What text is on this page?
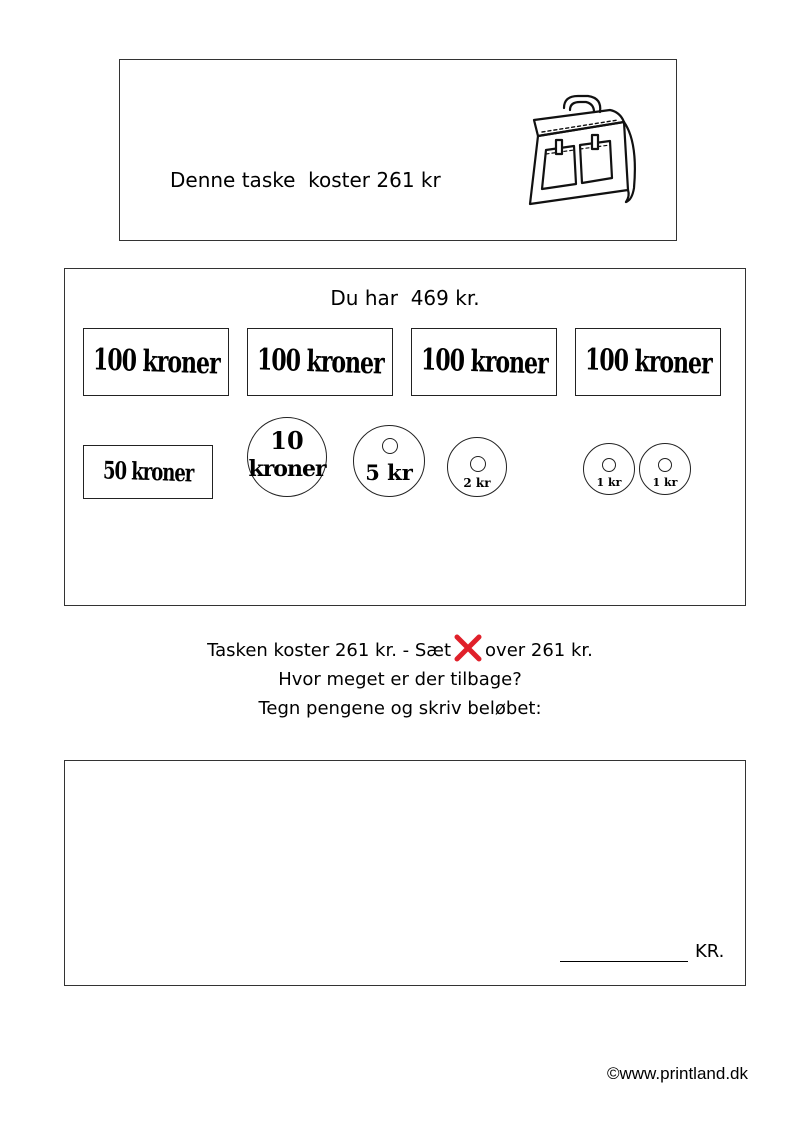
Denne taske  koster 261 kr
Du har  469 kr.
100 kroner 100 kroner 100 kroner 100 kroner
50 kroner
10
kroner	5 kr	2 kr	1 kr	1 kr
Tasken koster 261 kr. - Sæt over 261 kr.
Hvor meget er der tilbage?
Tegn pengene og skriv beløbet:
KR.
©www.printland.dk
